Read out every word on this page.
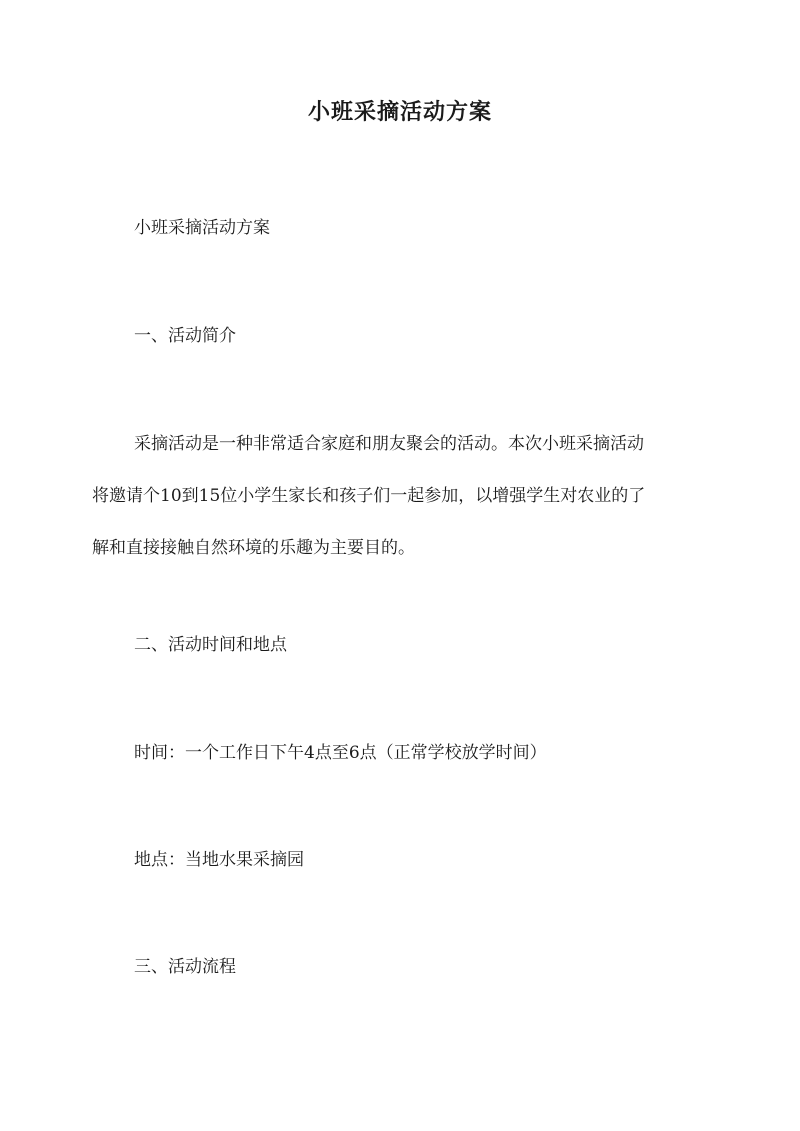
小班采摘活动方案
小班采摘活动方案
一、活动简介
采摘活动是一种非常适合家庭和朋友聚会的活动。本次小班采摘活动
将邀请个10到15位小学生家长和孩子们一起参加，以增强学生对农业的了
解和直接接触自然环境的乐趣为主要目的。
二、活动时间和地点
时间：一个工作日下午4点至6点（正常学校放学时间）
地点：当地水果采摘园
三、活动流程
